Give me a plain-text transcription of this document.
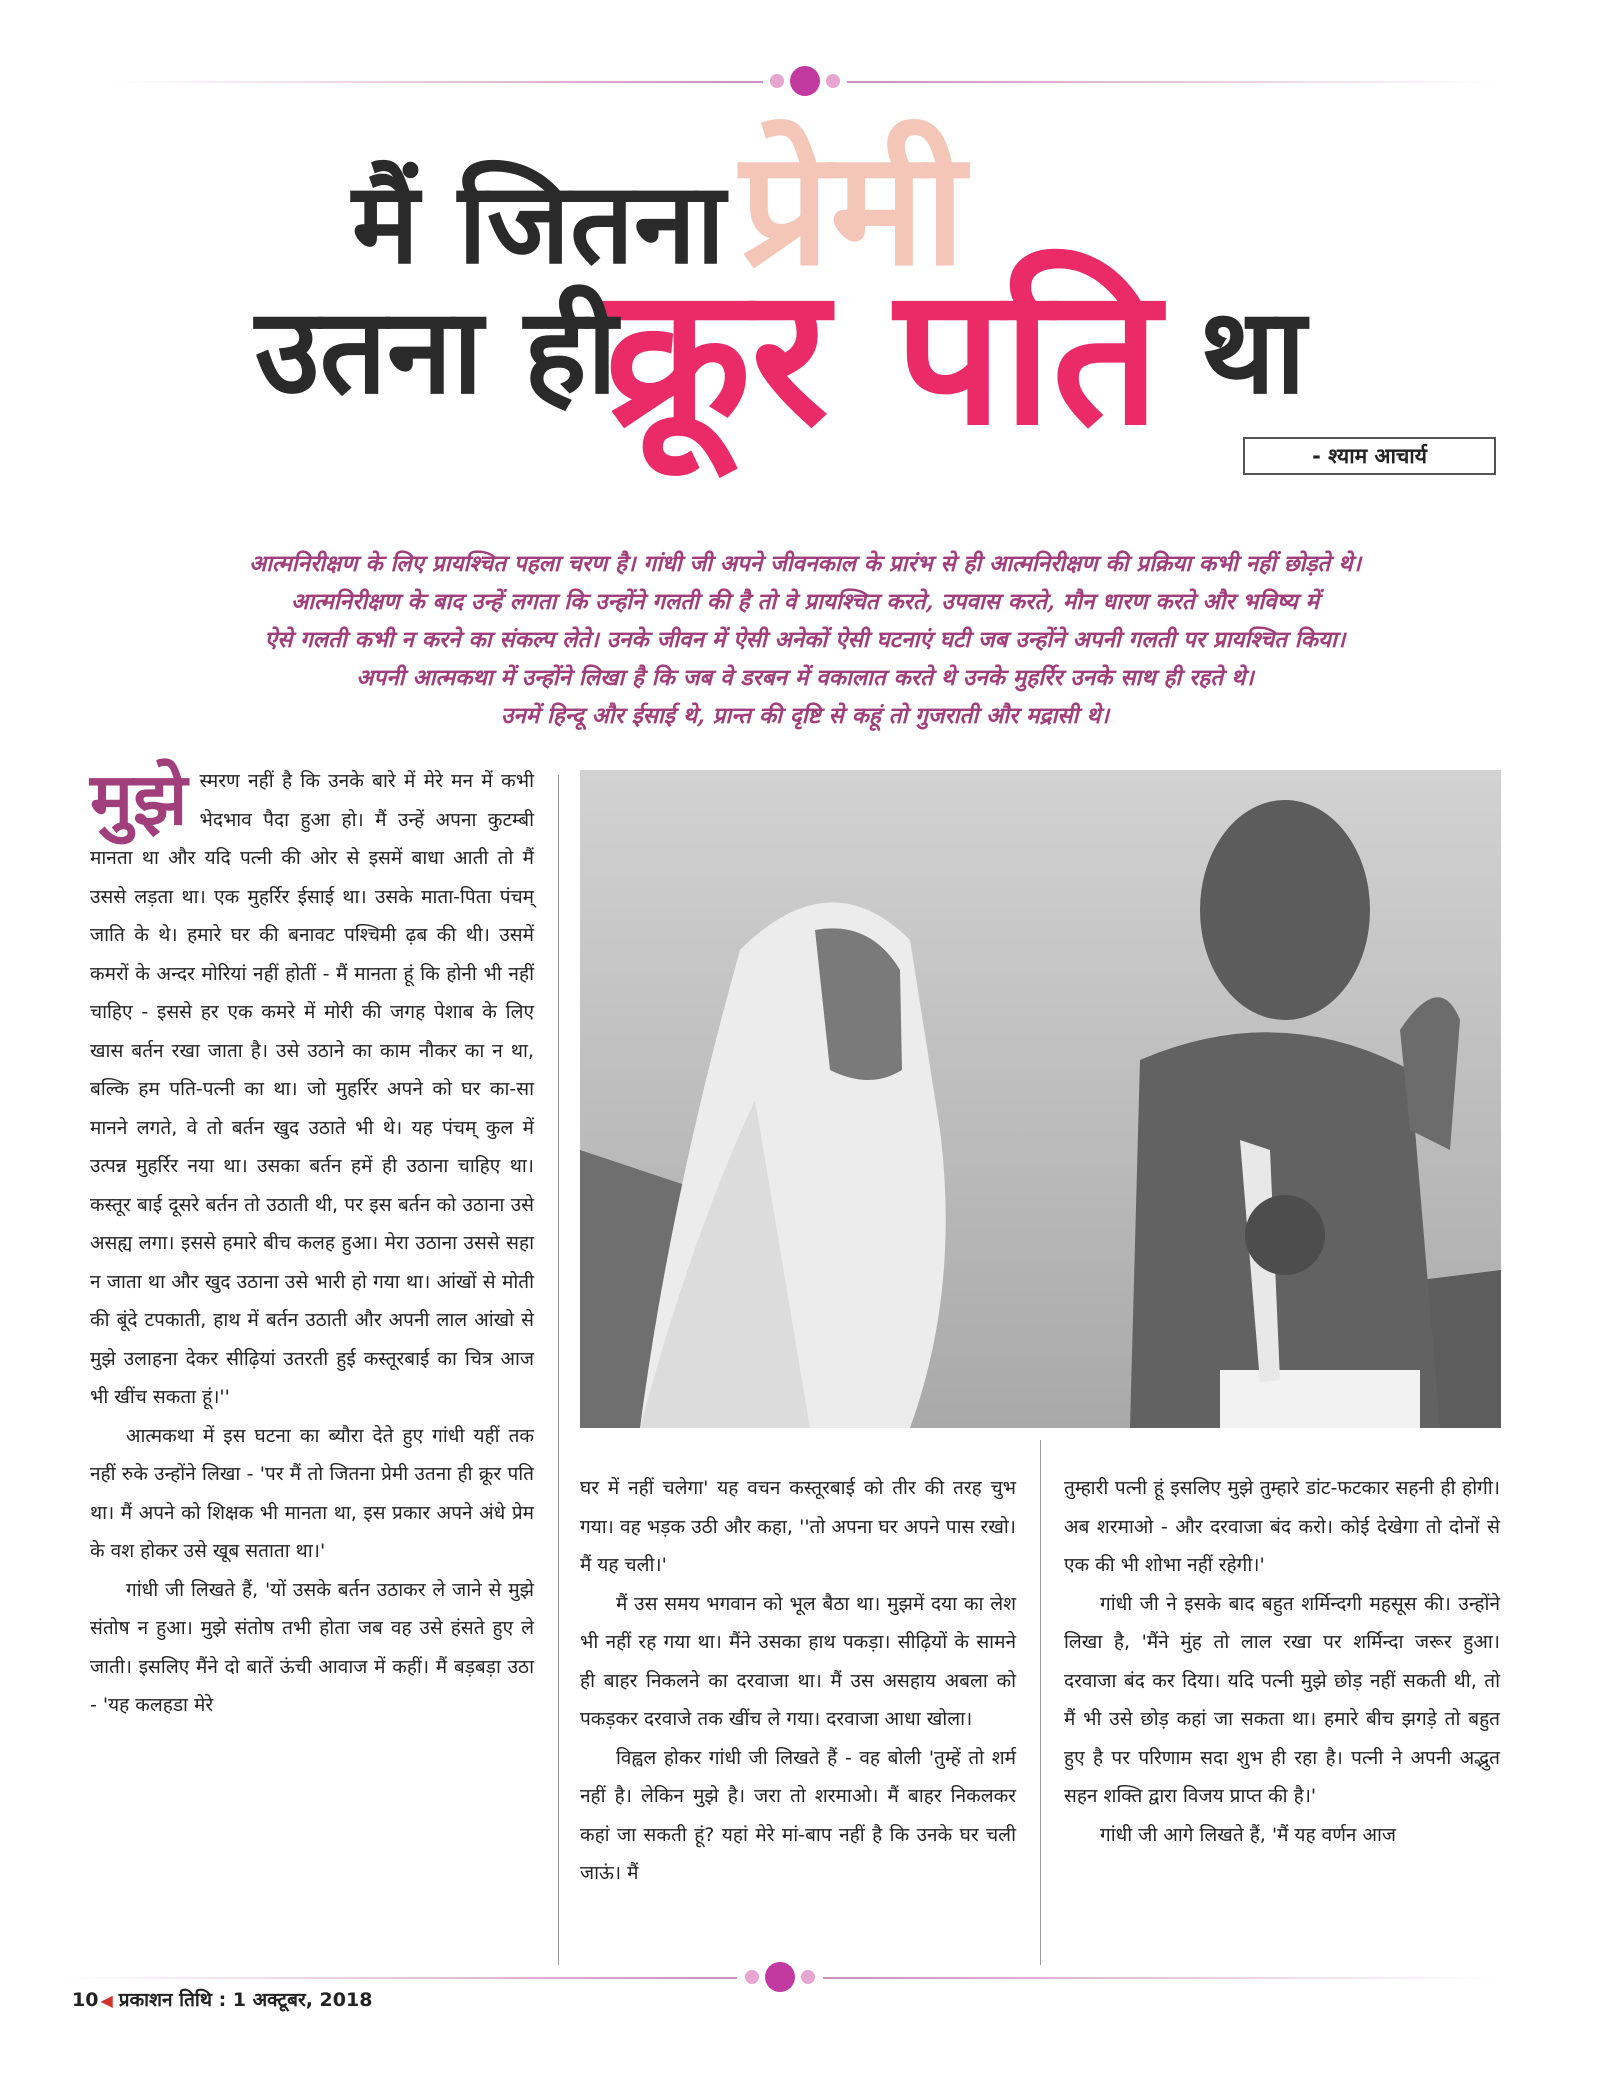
प्रेमी
मैं जितना
क्रूर पति
उतना ही	था
- श्याम आचार्य

आत्मनिरीक्षण के लिए प्रायश्चित पहला चरण है। गांधी जी अपने जीवनकाल के प्रारंभ से ही आत्मनिरीक्षण की प्रक्रिया कभी नहीं छोड़ते थे।

आत्मनिरीक्षण के बाद उन्हें लगता कि उन्होंने गलती की है तो वे प्रायश्चित करते, उपवास करते, मौन धारण करते और भविष्य में

ऐसे गलती कभी न करने का संकल्प लेते। उनके जीवन में ऐसी अनेकों ऐसी घटनाएं घटी जब उन्होंने अपनी गलती पर प्रायश्चित किया।

अपनी आत्मकथा में उन्होंने लिखा है कि जब वे डरबन में वकालात करते थे उनके मुहर्रिर उनके साथ ही रहते थे।

उनमें हिन्दू और ईसाई थे, प्रान्त की दृष्टि से कहूं तो गुजराती और मद्रासी थे।

मुझे स्मरण नहीं है कि उनके बारे में मेरे मन में कभी भेदभाव पैदा हुआ हो। मैं उन्हें अपना कुटम्बी मानता था और यदि पत्नी की ओर से इसमें बाधा आती तो मैं उससे लड़ता था। एक मुहर्रिर ईसाई था। उसके माता-पिता पंचम् जाति के थे। हमारे घर की बनावट पश्चिमी ढ़ब की थी। उसमें कमरों के अन्दर मोरियां नहीं होतीं - मैं मानता हूं कि होनी भी नहीं चाहिए - इससे हर एक कमरे में मोरी की जगह पेशाब के लिए खास बर्तन रखा जाता है। उसे उठाने का काम नौकर का न था, बल्कि हम पति-पत्नी का था। जो मुहर्रिर अपने को घर का-सा मानने लगते, वे तो बर्तन खुद उठाते भी थे। यह पंचम् कुल में उत्पन्न मुहर्रिर नया था। उसका बर्तन हमें ही उठाना चाहिए था। कस्तूर बाई दूसरे बर्तन तो उठाती थी, पर इस बर्तन को उठाना उसे असह्य लगा। इससे हमारे बीच कलह हुआ। मेरा उठाना उससे सहा न जाता था और खुद उठाना उसे भारी हो गया था। आंखों से मोती की बूंदे टपकाती, हाथ में बर्तन उठाती और अपनी लाल आंखो से मुझे उलाहना देकर सीढ़ियां उतरती हुई कस्तूरबाई का चित्र आज भी खींच सकता हूं।''

आत्मकथा में इस घटना का ब्यौरा देते हुए गांधी यहीं तक नहीं रुके उन्होंने लिखा - 'पर मैं तो जितना प्रेमी उतना ही क्रूर पति था। मैं अपने को शिक्षक भी मानता था, इस प्रकार अपने अंधे प्रेम के वश होकर उसे खूब सताता था।'

गांधी जी लिखते हैं, 'यों उसके बर्तन उठाकर ले जाने से मुझे संतोष न हुआ। मुझे संतोष तभी होता जब वह उसे हंसते हुए ले जाती। इसलिए मैंने दो बातें ऊंची आवाज में कहीं। मैं बड़बड़ा उठा - 'यह कलहडा मेरे

घर में नहीं चलेगा' यह वचन कस्तूरबाई को तीर की तरह चुभ गया। वह भड़क उठी और कहा, ''तो अपना घर अपने पास रखो। मैं यह चली।'

मैं उस समय भगवान को भूल बैठा था। मुझमें दया का लेश भी नहीं रह गया था। मैंने उसका हाथ पकड़ा। सीढ़ियों के सामने ही बाहर निकलने का दरवाजा था। मैं उस असहाय अबला को पकड़कर दरवाजे तक खींच ले गया। दरवाजा आधा खोला।

विह्वल होकर गांधी जी लिखते हैं - वह बोली 'तुम्हें तो शर्म नहीं है। लेकिन मुझे है। जरा तो शरमाओ। मैं बाहर निकलकर कहां जा सकती हूं? यहां मेरे मां-बाप नहीं है कि उनके घर चली जाऊं। मैं

तुम्हारी पत्नी हूं इसलिए मुझे तुम्हारे डांट-फटकार सहनी ही होगी। अब शरमाओ - और दरवाजा बंद करो। कोई देखेगा तो दोनों से एक की भी शोभा नहीं रहेगी।'

गांधी जी ने इसके बाद बहुत शर्मिन्दगी महसूस की। उन्होंने लिखा है, 'मैंने मुंह तो लाल रखा पर शर्मिन्दा जरूर हुआ। दरवाजा बंद कर दिया। यदि पत्नी मुझे छोड़ नहीं सकती थी, तो मैं भी उसे छोड़ कहां जा सकता था। हमारे बीच झगड़े तो बहुत हुए है पर परिणाम सदा शुभ ही रहा है। पत्नी ने अपनी अद्भुत सहन शक्ति द्वारा विजय प्राप्त की है।'

गांधी जी आगे लिखते हैं, 'मैं यह वर्णन आज

10 ◀ प्रकाशन तिथि : 1 अक्टूबर, 2018
